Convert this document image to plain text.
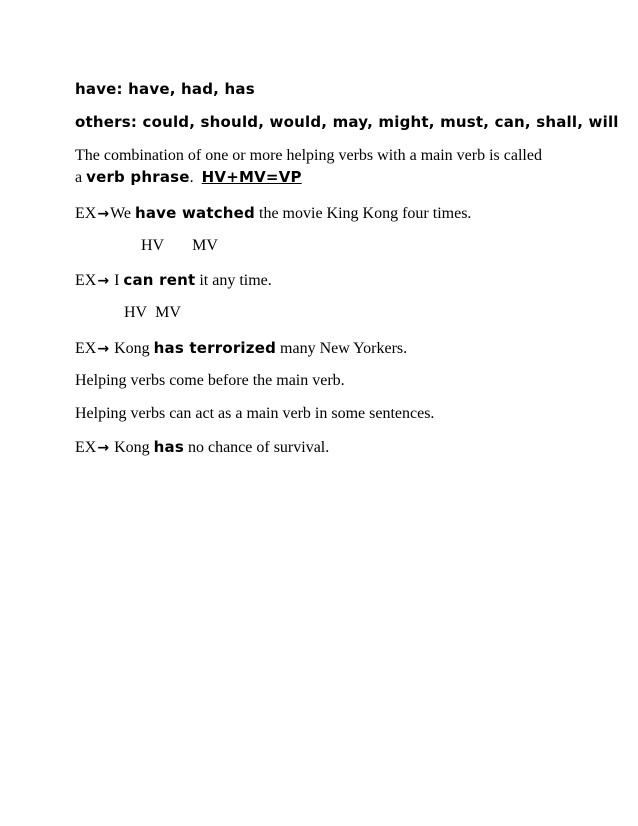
have: have, had, has
others: could, should, would, may, might, must, can, shall, will
The combination of one or more helping verbs with a main verb is called
a verb phrase. HV+MV=VP
EX→We have watched the movie King Kong four times.
HV MV
EX→ I can rent it any time.
HV MV
EX→ Kong has terrorized many New Yorkers.
Helping verbs come before the main verb.
Helping verbs can act as a main verb in some sentences.
EX→ Kong has no chance of survival.
